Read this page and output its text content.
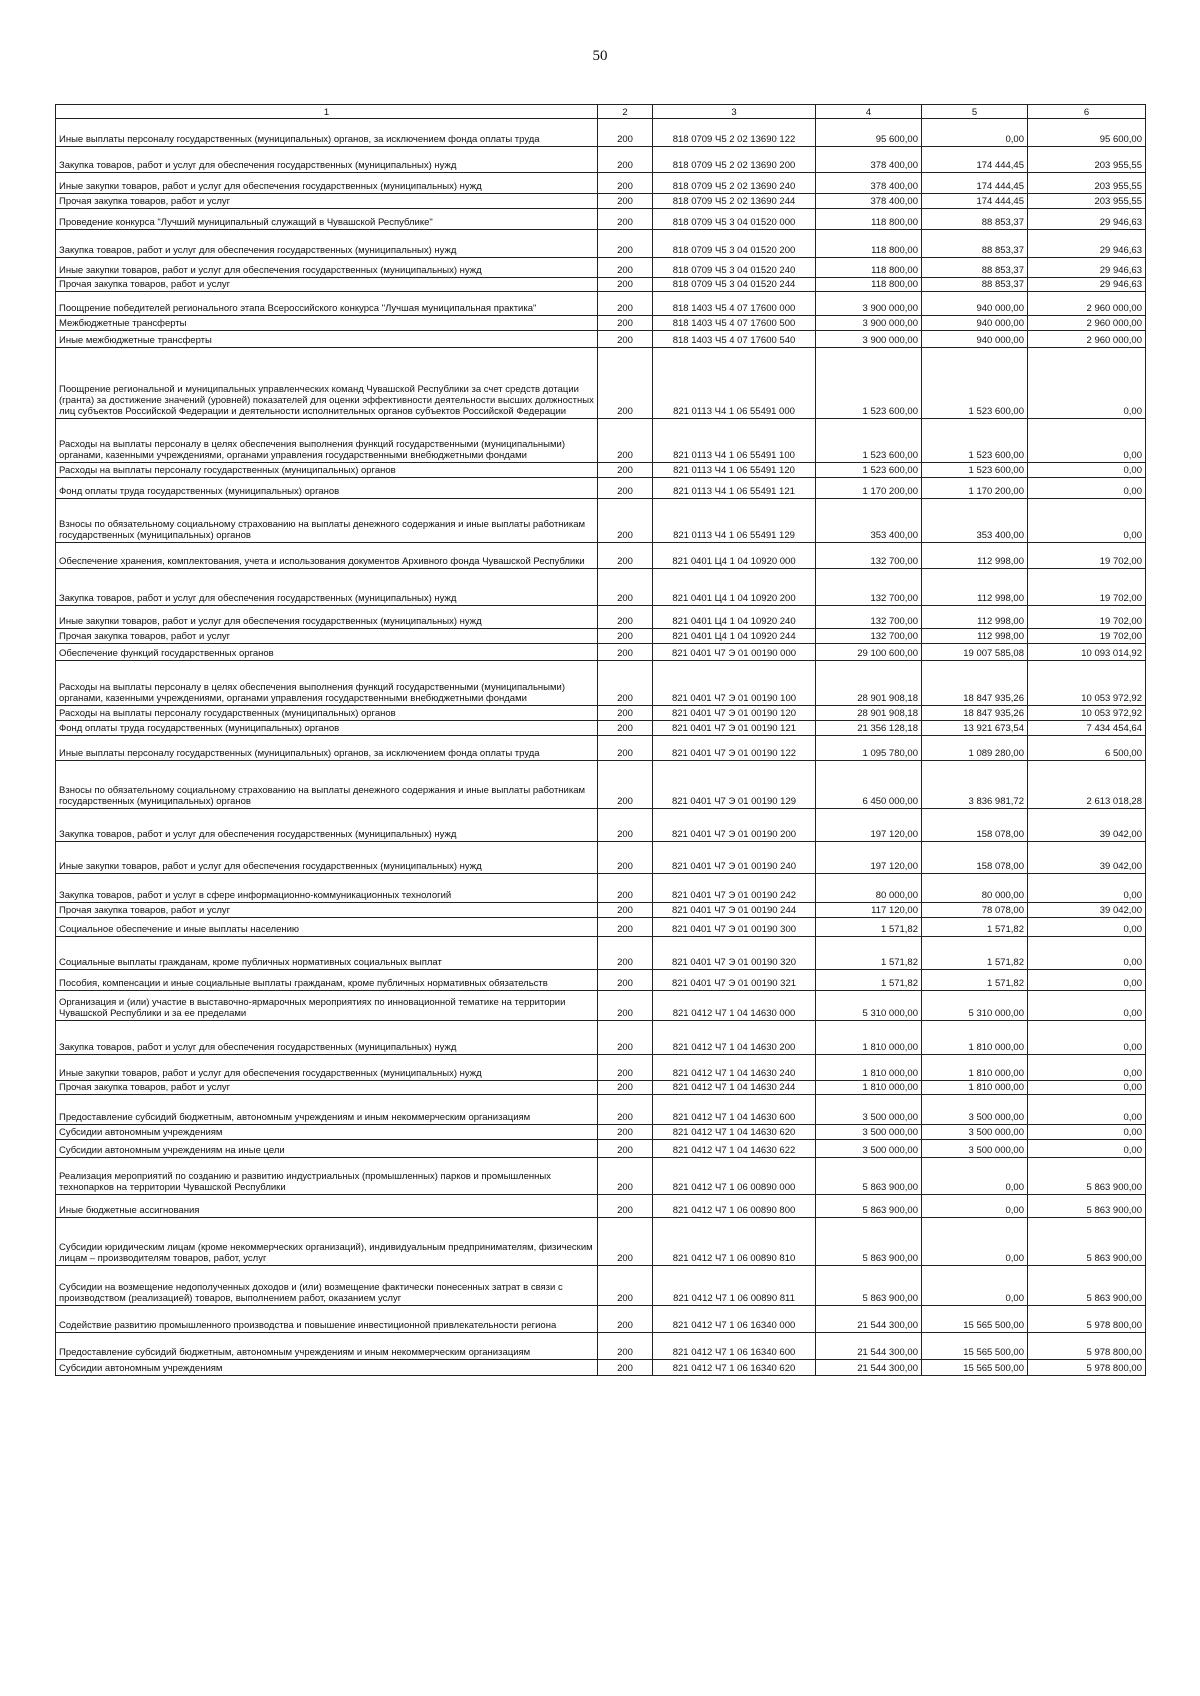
50
1	2	3	4	5	6
Иные выплаты персоналу государственных (муниципальных) органов, за исключением фонда оплаты труда	200	818 0709 Ч5 2 02 13690 122	95 600,00	0,00	95 600,00
Закупка товаров, работ и услуг для обеспечения государственных (муниципальных) нужд	200	818 0709 Ч5 2 02 13690 200	378 400,00	174 444,45	203 955,55
Иные закупки товаров, работ и услуг для обеспечения государственных (муниципальных) нужд	200	818 0709 Ч5 2 02 13690 240	378 400,00	174 444,45	203 955,55
Прочая закупка товаров, работ и услуг	200	818 0709 Ч5 2 02 13690 244	378 400,00	174 444,45	203 955,55
Проведение конкурса "Лучший муниципальный служащий в Чувашской Республике"	200	818 0709 Ч5 3 04 01520 000	118 800,00	88 853,37	29 946,63
Закупка товаров, работ и услуг для обеспечения государственных (муниципальных) нужд	200	818 0709 Ч5 3 04 01520 200	118 800,00	88 853,37	29 946,63
Иные закупки товаров, работ и услуг для обеспечения государственных (муниципальных) нужд	200	818 0709 Ч5 3 04 01520 240	118 800,00	88 853,37	29 946,63
Прочая закупка товаров, работ и услуг	200	818 0709 Ч5 3 04 01520 244	118 800,00	88 853,37	29 946,63
Поощрение победителей регионального этапа Всероссийского конкурса "Лучшая муниципальная практика"	200	818 1403 Ч5 4 07 17600 000	3 900 000,00	940 000,00	2 960 000,00
Межбюджетные трансферты	200	818 1403 Ч5 4 07 17600 500	3 900 000,00	940 000,00	2 960 000,00
Иные межбюджетные трансферты	200	818 1403 Ч5 4 07 17600 540	3 900 000,00	940 000,00	2 960 000,00
Поощрение региональной и муниципальных управленческих команд Чувашской Республики за счет средств дотации (гранта) за достижение значений (уровней) показателей для оценки эффективности деятельности высших должностных лиц субъектов Российской Федерации и деятельности исполнительных органов субъектов Российской Федерации	200	821 0113 Ч4 1 06 55491 000	1 523 600,00	1 523 600,00	0,00
Расходы на выплаты персоналу в целях обеспечения выполнения функций государственными (муниципальными) органами, казенными учреждениями, органами управления государственными внебюджетными фондами	200	821 0113 Ч4 1 06 55491 100	1 523 600,00	1 523 600,00	0,00
Расходы на выплаты персоналу государственных (муниципальных) органов	200	821 0113 Ч4 1 06 55491 120	1 523 600,00	1 523 600,00	0,00
Фонд оплаты труда государственных (муниципальных) органов	200	821 0113 Ч4 1 06 55491 121	1 170 200,00	1 170 200,00	0,00
Взносы по обязательному социальному страхованию на выплаты денежного содержания и иные выплаты работникам государственных (муниципальных) органов	200	821 0113 Ч4 1 06 55491 129	353 400,00	353 400,00	0,00
Обеспечение хранения, комплектования, учета и использования документов Архивного фонда Чувашской Республики	200	821 0401 Ц4 1 04 10920 000	132 700,00	112 998,00	19 702,00
Закупка товаров, работ и услуг для обеспечения государственных (муниципальных) нужд	200	821 0401 Ц4 1 04 10920 200	132 700,00	112 998,00	19 702,00
Иные закупки товаров, работ и услуг для обеспечения государственных (муниципальных) нужд	200	821 0401 Ц4 1 04 10920 240	132 700,00	112 998,00	19 702,00
Прочая закупка товаров, работ и услуг	200	821 0401 Ц4 1 04 10920 244	132 700,00	112 998,00	19 702,00
Обеспечение функций государственных органов	200	821 0401 Ч7 Э 01 00190 000	29 100 600,00	19 007 585,08	10 093 014,92
Расходы на выплаты персоналу в целях обеспечения выполнения функций государственными (муниципальными) органами, казенными учреждениями, органами управления государственными внебюджетными фондами	200	821 0401 Ч7 Э 01 00190 100	28 901 908,18	18 847 935,26	10 053 972,92
Расходы на выплаты персоналу государственных (муниципальных) органов	200	821 0401 Ч7 Э 01 00190 120	28 901 908,18	18 847 935,26	10 053 972,92
Фонд оплаты труда государственных (муниципальных) органов	200	821 0401 Ч7 Э 01 00190 121	21 356 128,18	13 921 673,54	7 434 454,64
Иные выплаты персоналу государственных (муниципальных) органов, за исключением фонда оплаты труда	200	821 0401 Ч7 Э 01 00190 122	1 095 780,00	1 089 280,00	6 500,00
Взносы по обязательному социальному страхованию на выплаты денежного содержания и иные выплаты работникам государственных (муниципальных) органов	200	821 0401 Ч7 Э 01 00190 129	6 450 000,00	3 836 981,72	2 613 018,28
Закупка товаров, работ и услуг для обеспечения государственных (муниципальных) нужд	200	821 0401 Ч7 Э 01 00190 200	197 120,00	158 078,00	39 042,00
Иные закупки товаров, работ и услуг для обеспечения государственных (муниципальных) нужд	200	821 0401 Ч7 Э 01 00190 240	197 120,00	158 078,00	39 042,00
Закупка товаров, работ и услуг в сфере информационно-коммуникационных технологий	200	821 0401 Ч7 Э 01 00190 242	80 000,00	80 000,00	0,00
Прочая закупка товаров, работ и услуг	200	821 0401 Ч7 Э 01 00190 244	117 120,00	78 078,00	39 042,00
Социальное обеспечение и иные выплаты населению	200	821 0401 Ч7 Э 01 00190 300	1 571,82	1 571,82	0,00
Социальные выплаты гражданам, кроме публичных нормативных социальных выплат	200	821 0401 Ч7 Э 01 00190 320	1 571,82	1 571,82	0,00
Пособия, компенсации и иные социальные выплаты гражданам, кроме публичных нормативных обязательств	200	821 0401 Ч7 Э 01 00190 321	1 571,82	1 571,82	0,00
Организация и (или) участие в выставочно-ярмарочных мероприятиях по инновационной тематике на территории Чувашской Республики и за ее пределами	200	821 0412 Ч7 1 04 14630 000	5 310 000,00	5 310 000,00	0,00
Закупка товаров, работ и услуг для обеспечения государственных (муниципальных) нужд	200	821 0412 Ч7 1 04 14630 200	1 810 000,00	1 810 000,00	0,00
Иные закупки товаров, работ и услуг для обеспечения государственных (муниципальных) нужд	200	821 0412 Ч7 1 04 14630 240	1 810 000,00	1 810 000,00	0,00
Прочая закупка товаров, работ и услуг	200	821 0412 Ч7 1 04 14630 244	1 810 000,00	1 810 000,00	0,00
Предоставление субсидий бюджетным, автономным учреждениям и иным некоммерческим организациям	200	821 0412 Ч7 1 04 14630 600	3 500 000,00	3 500 000,00	0,00
Субсидии автономным учреждениям	200	821 0412 Ч7 1 04 14630 620	3 500 000,00	3 500 000,00	0,00
Субсидии автономным учреждениям на иные цели	200	821 0412 Ч7 1 04 14630 622	3 500 000,00	3 500 000,00	0,00
Реализация мероприятий по созданию и развитию индустриальных (промышленных) парков и промышленных технопарков на территории Чувашской Республики	200	821 0412 Ч7 1 06 00890 000	5 863 900,00	0,00	5 863 900,00
Иные бюджетные ассигнования	200	821 0412 Ч7 1 06 00890 800	5 863 900,00	0,00	5 863 900,00
Субсидии юридическим лицам (кроме некоммерческих организаций), индивидуальным предпринимателям, физическим лицам – производителям товаров, работ, услуг	200	821 0412 Ч7 1 06 00890 810	5 863 900,00	0,00	5 863 900,00
Субсидии на возмещение недополученных доходов и (или) возмещение фактически понесенных затрат в связи с производством (реализацией) товаров, выполнением работ, оказанием услуг	200	821 0412 Ч7 1 06 00890 811	5 863 900,00	0,00	5 863 900,00
Содействие развитию промышленного производства и повышение инвестиционной привлекательности региона	200	821 0412 Ч7 1 06 16340 000	21 544 300,00	15 565 500,00	5 978 800,00
Предоставление субсидий бюджетным, автономным учреждениям и иным некоммерческим организациям	200	821 0412 Ч7 1 06 16340 600	21 544 300,00	15 565 500,00	5 978 800,00
Субсидии автономным учреждениям	200	821 0412 Ч7 1 06 16340 620	21 544 300,00	15 565 500,00	5 978 800,00
